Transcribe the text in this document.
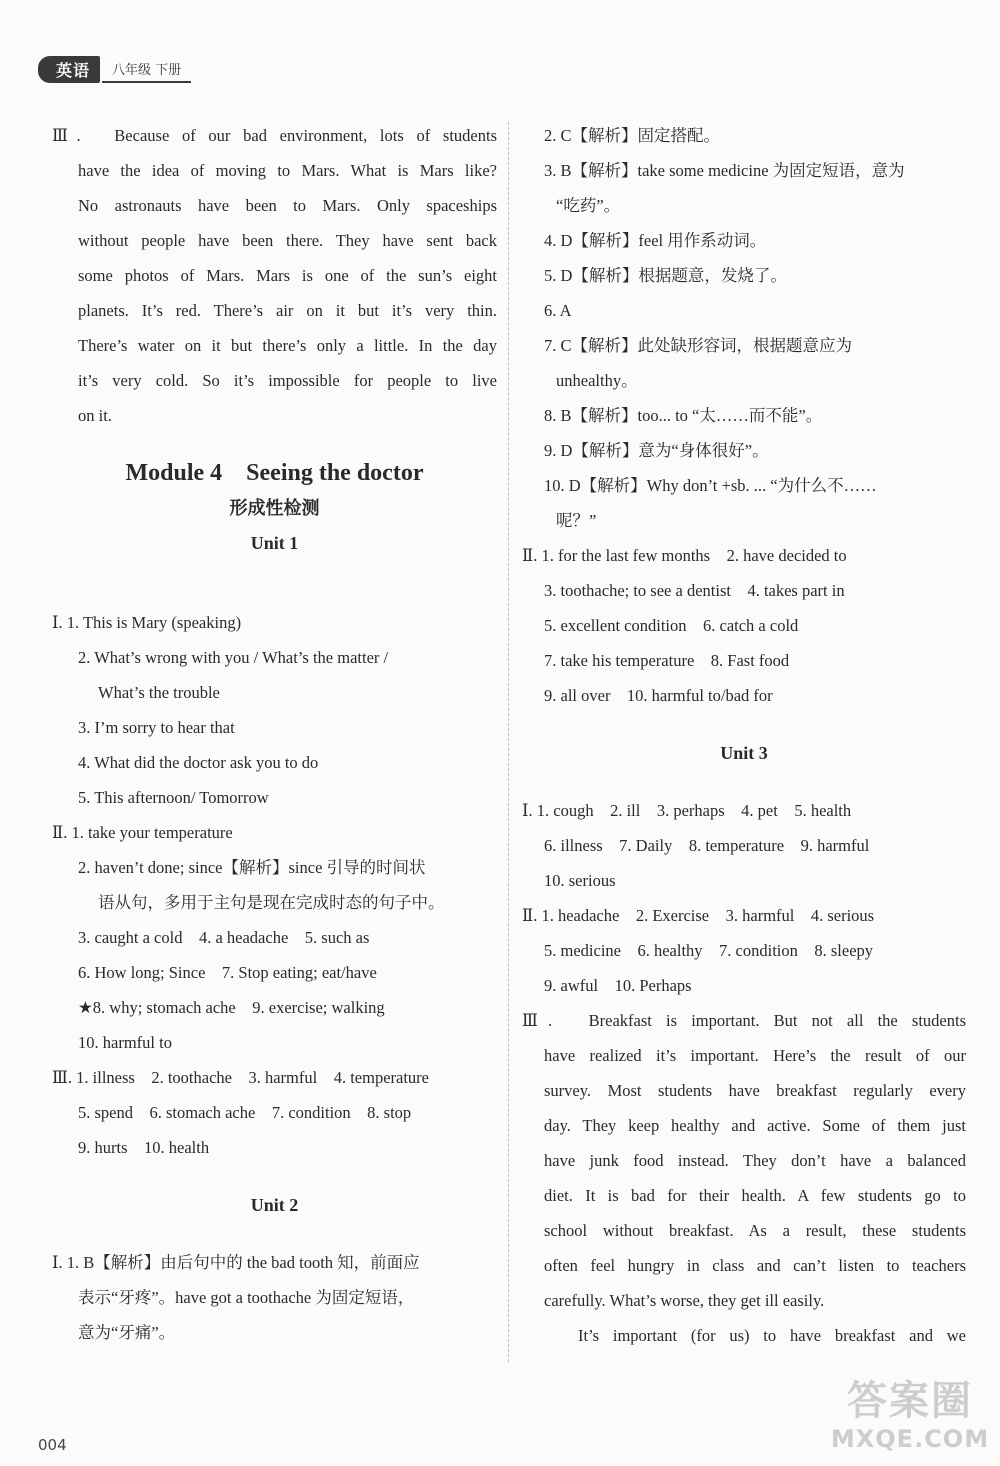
英语	八年级 下册
Ⅲ.　Because of our bad environment, lots of students
have the idea of moving to Mars. What is Mars like?
No astronauts have been to Mars. Only spaceships
without people have been there. They have sent back
some photos of Mars. Mars is one of the sun’s eight
planets. It’s red. There’s air on it but it’s very thin.
There’s water on it but there’s only a little. In the day
it’s very cold. So it’s impossible for people to live
on it.
Module 4　Seeing the doctor
形成性检测
Unit 1
Ⅰ. 1. This is Mary (speaking)
2. What’s wrong with you / What’s the matter /
What’s the trouble
3. I’m sorry to hear that
4. What did the doctor ask you to do
5. This afternoon/ Tomorrow
Ⅱ. 1. take your temperature
2. haven’t done; since【解析】since 引导的时间状
语从句，多用于主句是现在完成时态的句子中。
3. caught a cold　4. a headache　5. such as
6. How long; Since　7. Stop eating; eat/have
★8. why; stomach ache　9. exercise; walking
10. harmful to
Ⅲ. 1. illness　2. toothache　3. harmful　4. temperature
5. spend　6. stomach ache　7. condition　8. stop
9. hurts　10. health
Unit 2
Ⅰ. 1. B【解析】由后句中的 the bad tooth 知，前面应
表示“牙疼”。have got a toothache 为固定短语，
意为“牙痛”。
2. C【解析】固定搭配。
3. B【解析】take some medicine 为固定短语，意为
“吃药”。
4. D【解析】feel 用作系动词。
5. D【解析】根据题意，发烧了。
6. A
7. C【解析】此处缺形容词，根据题意应为
unhealthy。
8. B【解析】too... to “太……而不能”。
9. D【解析】意为“身体很好”。
10. D【解析】Why don’t +sb. ... “为什么不……
呢？”
Ⅱ. 1. for the last few months　2. have decided to
3. toothache; to see a dentist　4. takes part in
5. excellent condition　6. catch a cold
7. take his temperature　8. Fast food
9. all over　10. harmful to/bad for
Unit 3
Ⅰ. 1. cough　2. ill　3. perhaps　4. pet　5. health
6. illness　7. Daily　8. temperature　9. harmful
10. serious
Ⅱ. 1. headache　2. Exercise　3. harmful　4. serious
5. medicine　6. healthy　7. condition　8. sleepy
9. awful　10. Perhaps
Ⅲ.　Breakfast is important. But not all the students
have realized it’s important. Here’s the result of our
survey. Most students have breakfast regularly every
day. They keep healthy and active. Some of them just
have junk food instead. They don’t have a balanced
diet. It is bad for their health. A few students go to
school without breakfast. As a result, these students
often feel hungry in class and can’t listen to teachers
carefully. What’s worse, they get ill easily.
It’s important (for us) to have breakfast and we
004
答案圈
MXQE.COM
